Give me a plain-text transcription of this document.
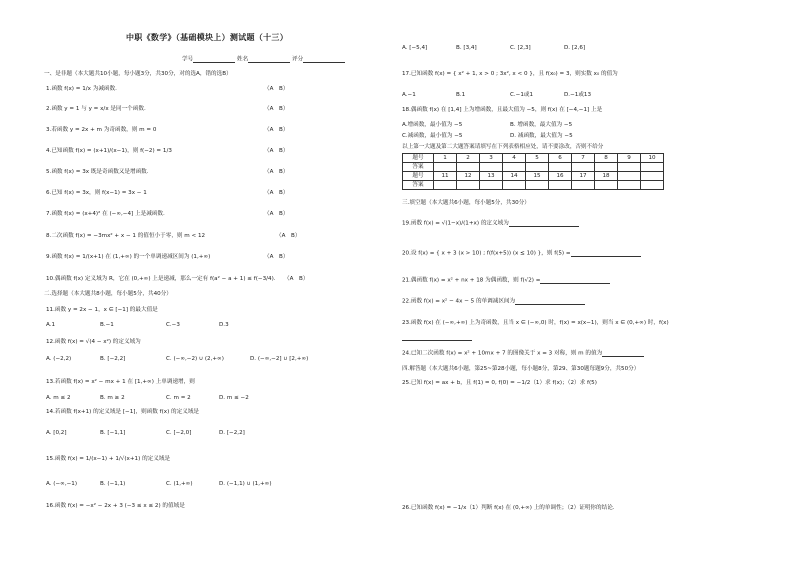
中职《数学》（基础模块上）测试题（十三）
学号	姓名	评分
一、是非题（本大题共10小题，每小题3分，共30分，对的选A，错的选B）
1.函数 f(x) = 1/x 为减函数.	（A　B）
2.函数 y = 1 与 y = x/x 是同一个函数.	（A　B）
3.若函数 y = 2x + m 为奇函数，则 m = 0	（A　B）
4.已知函数 f(x) = (x+1)/(x−1)，则 f(−2) = 1/3	（A　B）
5.函数 f(x) = 3x 既是奇函数又是增函数.	（A　B）
6.已知 f(x) = 3x，则 f(x−1) = 3x − 1	（A　B）
7.函数 f(x) = (x+4)² 在 (−∞,−4] 上是减函数.	（A　B）
8.二次函数 f(x) = −3mx² + x − 1 的值恒小于零，则 m < 12	（A　B）
9.函数 f(x) = 1/(x+1) 在 (1,+∞) 的一个单调递减区间为 (1,+∞)	（A　B）
10.偶函数 f(x) 定义域为 R，它在 (0,+∞) 上是递减，那么一定有 f(a² − a + 1) ≤ f(−3/4). （A　B）
二.选择题（本大题共8小题，每小题5分，共40分）
11.函数 y = 2x − 1，x ∈ [−1] 的最大值是
A.1	B.−1	C.−3	D.3
12.函数 f(x) = √(4 − x²) 的定义域为
A. (−2,2)	B. [−2,2]	C. (−∞,−2) ∪ (2,+∞)	D. (−∞,−2] ∪ [2,+∞)
13.若函数 f(x) = x² − mx + 1 在 [1,+∞) 上单调递增，则
A. m ≤ 2	B. m ≥ 2	C. m = 2	D. m ≤ −2
14.若函数 f(x+1) 的定义域是 [−1]，则函数 f(x) 的定义域是
A. [0,2]	B. [−1,1]	C. [−2,0]	D. [−2,2]
15.函数 f(x) = 1/(x−1) + 1/√(x+1) 的定义域是
A. (−∞,−1)	B. (−1,1)	C. (1,+∞)	D. (−1,1) ∪ (1,+∞)
16.函数 f(x) = −x² − 2x + 3 (−3 ≤ x ≤ 2) 的值域是
A. [−5,4]	B. [3,4]	C. [2,3]	D. [2,6]
17.已知函数 f(x) = { x² + 1, x > 0 ; 3x², x < 0 }，且 f(x₀) = 3，则实数 x₀ 的值为
A.−1	B.1	C.−1或1	D.−1或13
18.偶函数 f(x) 在 [1,4] 上为增函数，且最大值为 −5，则 f(x) 在 [−4,−1] 上是
A.增函数，最小值为 −5	B. 增函数，最大值为 −5
C.减函数，最小值为 −5	D. 减函数，最大值为 −5
以上第一大题及第二大题答案请填写在下列表格相应处，请不要涂改，否则不给分
题号	1	2	3	4	5	6	7	8	9	10
答案										
题号	11	12	13	14	15	16	17	18		
答案										
三.填空题（本大题共6小题，每小题5分，共30分）
19.函数 f(x) = √(1−x)/(1+x) 的定义域为
20.设 f(x) = { x + 3 (x > 10) ; f(f(x+5)) (x ≤ 10) }，则 f(5) =
21.偶函数 f(x) = x² + nx + 18 为偶函数，则 f(√2) =
22.函数 f(x) = x² − 4x − 5 的单调减区间为
23.函数 f(x) 在 (−∞,+∞) 上为奇函数，且当 x ∈ (−∞,0) 时，f(x) = x(x−1)，则当 x ∈ (0,+∞) 时，f(x)
24.已知二次函数 f(x) = x² + 10mx + 7 的图像关于 x = 3 对称，则 m 的值为
四.解答题（本大题共6小题，第25~第28小题，每小题8分，第29、第30题每题9分，共50分）
25.已知 f(x) = ax + b，且 f(1) = 0, f(0) = −1/2（1）求 f(x)；（2）求 f(5)
26.已知函数 f(x) = −1/x（1）判断 f(x) 在 (0,+∞) 上的单调性；（2）证明你的结论.
